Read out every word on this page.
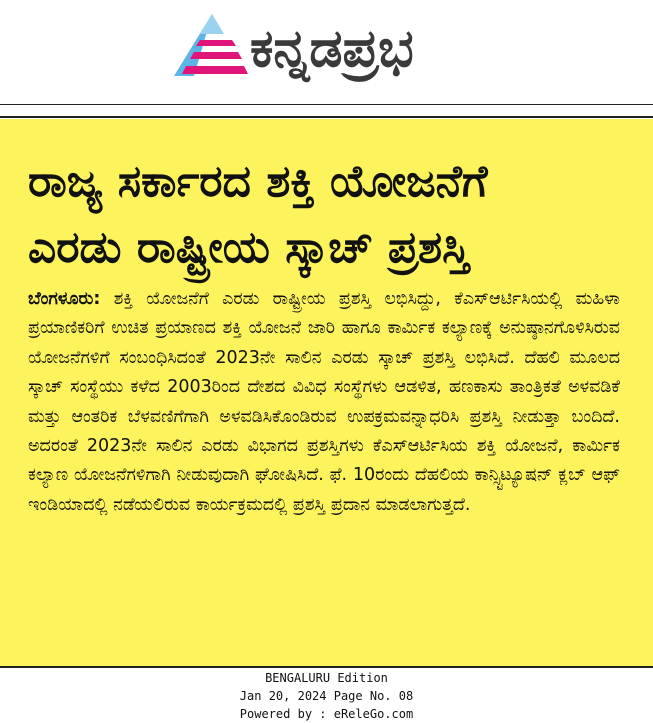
ಕನ್ನಡಪ್ರಭ
ರಾಜ್ಯ ಸರ್ಕಾರದ ಶಕ್ತಿ ಯೋಜನೆಗೆ
ಎರಡು ರಾಷ್ಟ್ರೀಯ ಸ್ಕಾಚ್ ಪ್ರಶಸ್ತಿ

ಬೆಂಗಳೂರು: ಶಕ್ತಿ ಯೋಜನೆಗೆ ಎರಡು ರಾಷ್ಟ್ರೀಯ ಪ್ರಶಸ್ತಿ ಲಭಿಸಿದ್ದು, ಕೆಎಸ್ಆರ್ಟಿಸಿಯಲ್ಲಿ ಮಹಿಳಾ ಪ್ರಯಾಣಿಕರಿಗೆ ಉಚಿತ ಪ್ರಯಾಣದ ಶಕ್ತಿ ಯೋಜನೆ ಜಾರಿ ಹಾಗೂ ಕಾರ್ಮಿಕ ಕಲ್ಯಾಣಕ್ಕೆ ಅನುಷ್ಠಾನಗೊಳಿಸಿರುವ ಯೋಜನೆಗಳಿಗೆ ಸಂಬಂಧಿಸಿದಂತೆ 2023ನೇ ಸಾಲಿನ ಎರಡು ಸ್ಕಾಚ್ ಪ್ರಶಸ್ತಿ ಲಭಿಸಿದೆ. ದೆಹಲಿ ಮೂಲದ ಸ್ಕಾಚ್ ಸಂಸ್ಥೆಯು ಕಳೆದ 2003ರಿಂದ ದೇಶದ ವಿವಿಧ ಸಂಸ್ಥೆಗಳು ಆಡಳಿತ, ಹಣಕಾಸು ತಾಂತ್ರಿಕತೆ ಅಳವಡಿಕೆ ಮತ್ತು ಆಂತರಿಕ ಬೆಳವಣಿಗೆಗಾಗಿ ಅಳವಡಿಸಿಕೊಂಡಿರುವ ಉಪಕ್ರಮವನ್ನಾಧರಿಸಿ ಪ್ರಶಸ್ತಿ ನೀಡುತ್ತಾ ಬಂದಿದೆ. ಅದರಂತೆ 2023ನೇ ಸಾಲಿನ ಎರಡು ವಿಭಾಗದ ಪ್ರಶಸ್ತಿಗಳು ಕೆಎಸ್ಆರ್ಟಿಸಿಯ ಶಕ್ತಿ ಯೋಜನೆ, ಕಾರ್ಮಿಕ ಕಲ್ಯಾಣ ಯೋಜನೆಗಳಿಗಾಗಿ ನೀಡುವುದಾಗಿ ಘೋಷಿಸಿದೆ. ಫೆ. 10ರಂದು ದೆಹಲಿಯ ಕಾನ್ಸ್ಟಿಟ್ಯೂಷನ್ ಕ್ಲಬ್ ಆಫ್ ಇಂಡಿಯಾದಲ್ಲಿ ನಡೆಯಲಿರುವ ಕಾರ್ಯಕ್ರಮದಲ್ಲಿ ಪ್ರಶಸ್ತಿ ಪ್ರದಾನ ಮಾಡಲಾಗುತ್ತದೆ.

BENGALURU Edition
Jan 20, 2024 Page No. 08
Powered by : eReleGo.com
